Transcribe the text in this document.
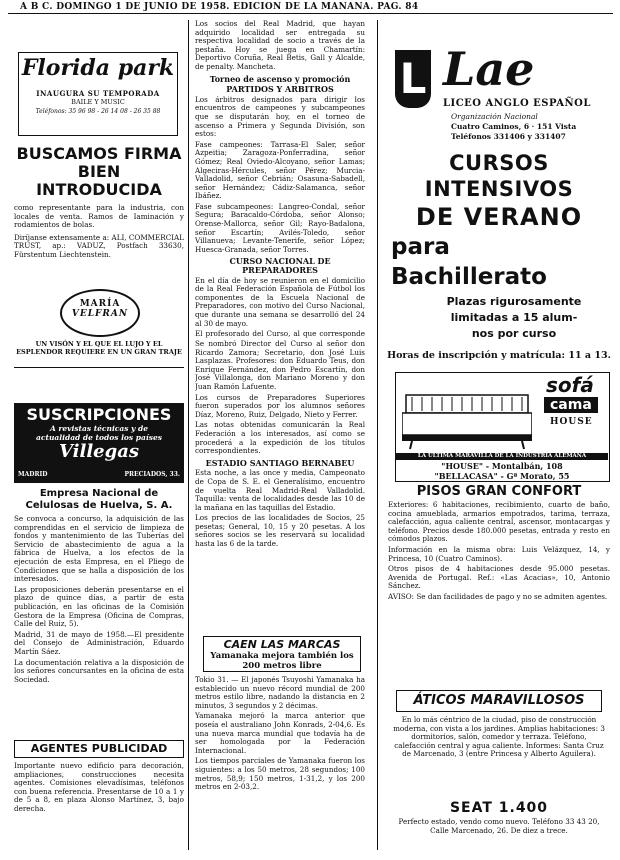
A B C. DOMINGO 1 DE JUNIO DE 1958. EDICION DE LA MAÑANA. PAG. 84
Florida park
INAUGURA SU TEMPORADA
BAILE Y MUSIC
Teléfonos: 35 96 98 - 26 14 08 - 26 35 88
BUSCAMOS FIRMA BIEN INTRODUCIDA
como representante para la industria, con locales de venta. Ramos de Iaminación y rodamientos de bolas.
Diríjanse extensamente a: ALI, COMMERCIAL TRUST, ap.: VADUZ, Postfach 33630, Fürstentum Liechtenstein.
MARÍA
VELFRAN
UN VISÓN Y EL QUE EL LUJO Y EL ESPLENDOR REQUIERE EN UN GRAN TRAJE
SUSCRIPCIONES
A revistas técnicas y de
actualidad de todos los países
Villegas
MADRID	PRECIADOS, 33.
Empresa Nacional de Celulosas de Huelva, S. A.

Se convoca a concurso, la adquisición de las comprendidas en el servicio de limpieza de fondos y mantenimiento de las Tuberías del Servicio de abastecimiento de agua a la fábrica de Huelva, a los efectos de la ejecución de esta Empresa, en el Pliego de Condiciones que se halla a disposición de los interesados.

Las proposiciones deberán presentarse en el plazo de quince días, a partir de esta publicación, en las oficinas de la Comisión Gestora de la Empresa (Oficina de Compras, Calle del Ruiz, 5).

Madrid, 31 de mayo de 1958.—El presidente del Consejo de Administración, Eduardo Martín Sáez.

La documentación relativa a la disposición de los señores concursantes en la oficina de esta Sociedad.

AGENTES PUBLICIDAD
Importante nuevo edificio para decoración, ampliaciones, construcciones necesita agentes. Comisiones elevadísimas, teléfonos con buena referencia. Presentarse de 10 a 1 y de 5 a 8, en plaza Alonso Martínez, 3, bajo derecha.

Los socios del Real Madrid, que hayan adquirido localidad ser entregada su respectiva localidad de socio a través de la pestaña. Hoy se juega en Chamartín: Deportivo Coruña, Real Betis, Gall y Alcalde, de penalty. Mancheta.

Torneo de ascenso y promoción
PARTIDOS Y ARBITROS

Los árbitros designados para dirigir los encuentros de campeones y subcampeones que se disputarán hoy, en el torneo de ascenso a Primera y Segunda División, son estos:

Fase campeones: Tarrasa-El Saler, señor Azpeitia; Zaragoza-Ponferradina, señor Gómez; Real Oviedo-Alcoyano, señor Lamas; Algeciras-Hércules, señor Pérez; Murcia-Valladolid, señor Cebrián; Osasuna-Sabadell, señor Hernández; Cádiz-Salamanca, señor Ibáñez.

Fase subcampeones: Langreo-Condal, señor Segura; Baracaldo-Córdoba, señor Alonso; Orense-Mallorca, señor Gil; Rayo-Badalona, señor Escartín; Avilés-Toledo, señor Villanueva; Levante-Tenerife, señor López; Huesca-Granada, señor Torres.

CURSO NACIONAL DE PREPARADORES

En el día de hoy se reunieron en el domicilio de la Real Federación Española de Fútbol los componentes de la Escuela Nacional de Preparadores, con motivo del Curso Nacional, que durante una semana se desarrolló del 24 al 30 de mayo.

El profesorado del Curso, al que corresponde

Se nombró Director del Curso al señor don Ricardo Zamora; Secretario, don José Luis Lasplazas. Profesores: don Eduardo Teus, don Enrique Fernández, don Pedro Escartín, don José Villalonga, don Mariano Moreno y don Juan Ramón Lafuente.

Los cursos de Preparadores Superiores fueron superados por los alumnos señores Díaz, Moreno, Ruiz, Delgado, Nieto y Ferrer.

Las notas obtenidas comunicarán la Real Federación a los interesados, así como se procederá a la expedición de los títulos correspondientes.

ESTADIO SANTIAGO BERNABEU

Esta noche, a las once y media, Campeonato de Copa de S. E. el Generalísimo, encuentro de vuelta Real Madrid-Real Valladolid. Taquilla: venta de localidades desde las 10 de la mañana en las taquillas del Estadio.

Los precios de las localidades de Socios, 25 pesetas; General, 10, 15 y 20 pesetas. A los señores socios se les reservará su localidad hasta las 6 de la tarde.

CAEN LAS MARCAS
Yamanaka mejora también los 200 metros libre

Tokio 31. — El japonés Tsuyoshi Yamanaka ha establecido un nuevo récord mundial de 200 metros estilo libre, nadando la distancia en 2 minutos, 3 segundos y 2 décimas.

Yamanaka mejoró la marca anterior que poseía el australiano John Konrads, 2-04,6. Es una nueva marca mundial que todavía ha de ser homologada por la Federación Internacional.

Los tiempos parciales de Yamanaka fueron los siguientes: a los 50 metros, 28 segundos; 100 metros, 58,9; 150 metros, 1-31,2, y los 200 metros en 2-03,2.

L Lae
LICEO ANGLO ESPAÑOL
Organización Nacional
Cuatro Caminos, 6 · 151 Vista
Teléfonos 331406 y 331407
CURSOS INTENSIVOS
DE VERANO
para Bachillerato
Plazas rigurosamente
limitadas a 15 alum-
nos por curso
Horas de inscripción y matrícula: 11 a 13.
sofá
cama
HOUSE
LA ÚLTIMA MARAVILLA DE LA INDUSTRIA ALEMANA
"HOUSE" - Montalbán, 108
"BELLACASA" - Gª Morato, 55
PISOS GRAN CONFORT

Exteriores: 6 habitaciones, recibimiento, cuarto de baño, cocina amueblada, armarios empotrados, tarima, terraza, calefacción, agua caliente central, ascensor, montacargas y teléfono. Precios desde 180.000 pesetas, entrada y resto en cómodos plazos.

Información en la misma obra: Luis Velázquez, 14, y Princesa, 10 (Cuatro Caminos).

Otros pisos de 4 habitaciones desde 95.000 pesetas. Avenida de Portugal. Ref.: «Las Acacias», 10, Antonio Sánchez.

AVISO: Se dan facilidades de pago y no se admiten agentes.

ÁTICOS MARAVILLOSOS
En lo más céntrico de la ciudad, piso de construcción moderna, con vista a los jardines. Amplias habitaciones: 3 dormitorios, salón, comedor y terraza. Teléfono, calefacción central y agua caliente. Informes: Santa Cruz de Marcenado, 3 (entre Princesa y Alberto Aguilera).
SEAT 1.400
Perfecto estado, vendo como nuevo. Teléfono 33 43 20, Calle Marcenado, 26. De diez a trece.
